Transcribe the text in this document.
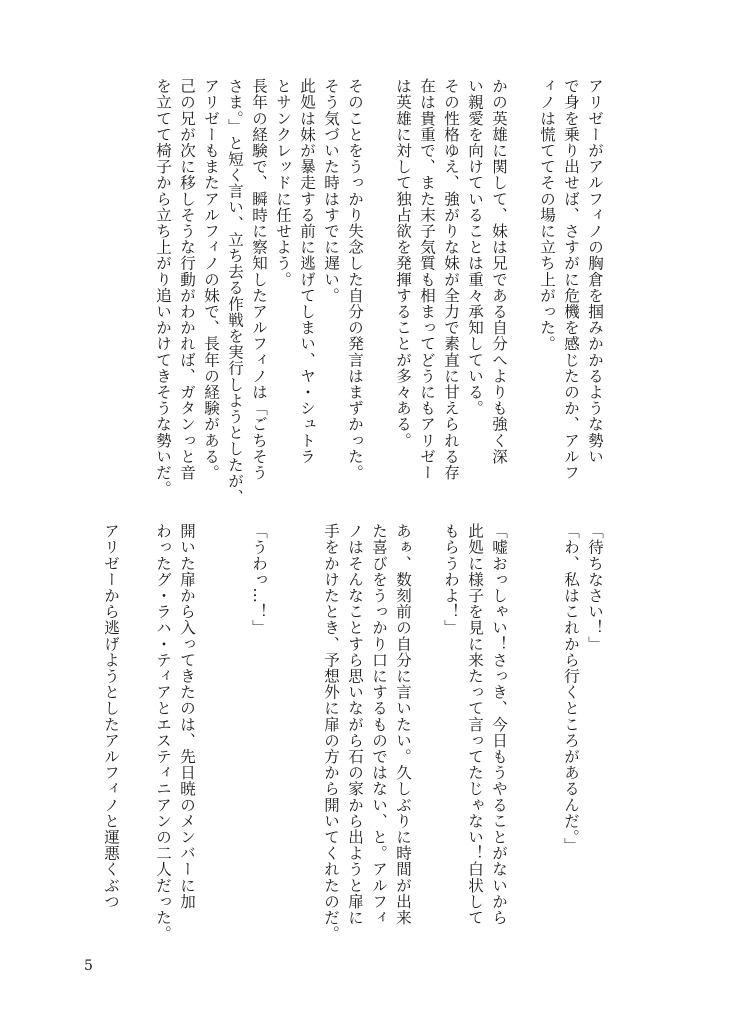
アリゼーがアルフィノの胸倉を掴みかかるような勢い
で身を乗り出せば、さすがに危機を感じたのか、アルフ
ィノは慌ててその場に立ち上がった。
かの英雄に関して、妹は兄である自分へよりも強く深
い親愛を向けていることは重々承知している。
その性格ゆえ、強がりな妹が全力で素直に甘えられる存
在は貴重で、また末子気質も相まってどうにもアリゼー
は英雄に対して独占欲を発揮することが多々ある。
そのことをうっかり失念した自分の発言はまずかった。
そう気づいた時はすでに遅い。
此処は妹が暴走する前に逃げてしまい、ヤ・シュトラ
とサンクレッドに任せよう。
長年の経験で、瞬時に察知したアルフィノは「ごちそう
さま。」と短く言い、立ち去る作戦を実行しようとしたが、
アリゼーもまたアルフィノの妹で、長年の経験がある。
己の兄が次に移しそうな行動がわかれば、ガタンっと音
を立てて椅子から立ち上がり追いかけてきそうな勢いだ。
「待ちなさい！」
「わ、私はこれから行くところがあるんだ。」
「嘘おっしゃい！さっき、今日もうやることがないから
此処に様子を見に来たって言ってたじゃない！白状して
もらうわよ！」
あぁ、数刻前の自分に言いたい。久しぶりに時間が出来
た喜びをうっかり口にするものではない、と。アルフィ
ノはそんなことすら思いながら石の家から出ようと扉に
手をかけたとき、予想外に扉の方から開いてくれたのだ。
「うわっ…！」
開いた扉から入ってきたのは、先日暁のメンバーに加
わったグ・ラハ・ティアとエスティニアンの二人だった。
アリゼーから逃げようとしたアルフィノと運悪くぶつ
5
